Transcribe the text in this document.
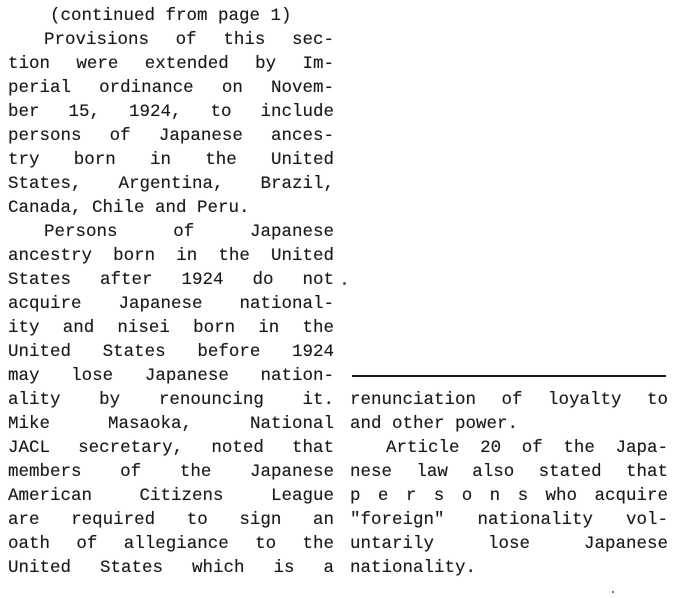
(continued from page 1)
Provisions of this sec-
tion were extended by Im-
perial ordinance on Novem-
ber 15, 1924, to include
persons of Japanese ances-
try born in the United
States, Argentina, Brazil,
Canada, Chile and Peru.
Persons of Japanese
ancestry born in the United
States after 1924 do not
acquire Japanese national-
ity and nisei born in the
United States before 1924
may lose Japanese nation-
ality by renouncing it.
Mike Masaoka, National
JACL secretary, noted that
members of the Japanese
American Citizens League
are required to sign an
oath of allegiance to the
United States which is a
renunciation of loyalty to
and other power.
Article 20 of the Japa-
nese law also stated that
p e r s o n s who acquire
"foreign" nationality vol-
untarily lose Japanese
nationality.
